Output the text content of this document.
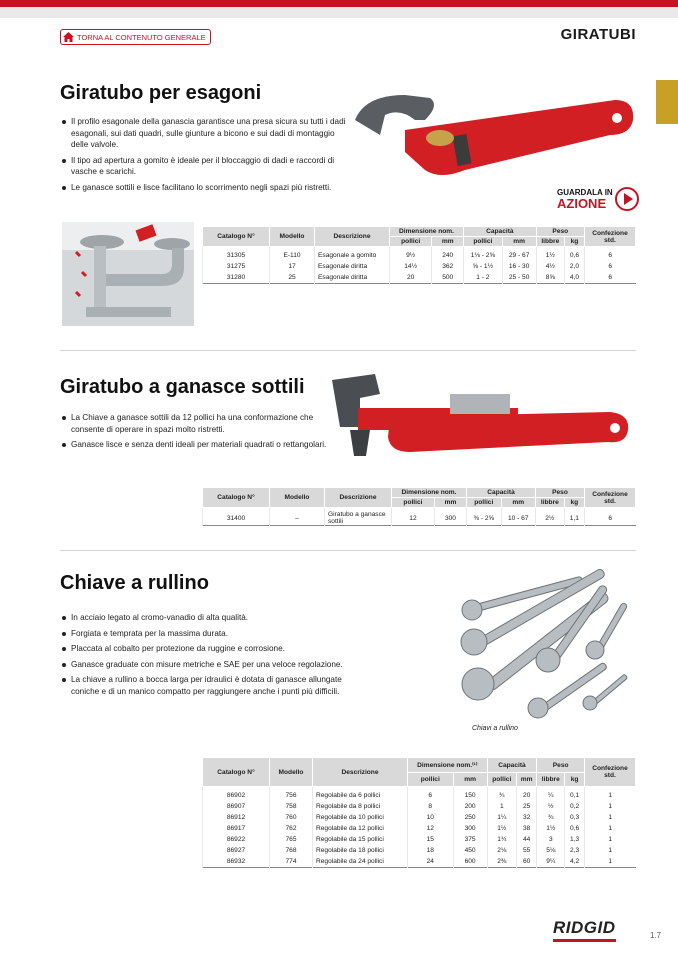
TORNA AL CONTENUTO GENERALE	GIRATUBI
Giratubo per esagoni
Il profilo esagonale della ganascia garantisce una presa sicura su tutti i dadi esagonali, sui dati quadri, sulle giunture a bicono e sui dadi di montaggio delle valvole.
Il tipo ad apertura a gomito è ideale per il bloccaggio di dadi e raccordi di vasche e scarichi.
Le ganasce sottili e lisce facilitano lo scorrimento negli spazi più ristretti.
GUARDALA IN
AZIONE
Catalogo N°	Modello	Descrizione	Dimensione nom.		Capacità		Peso		Confezione std.
			pollici	mm	pollici	mm	libbre	kg	
31305	E-110	Esagonale a gomito	9½	240	1⅛ - 2⅝	29 - 67	1½	0,6	6
31275	17	Esagonale diritta	14½	362	⅝ - 1½	16 - 30	4½	2,0	6
31280	25	Esagonale diritta	20	500	1 - 2	25 - 50	8⅝	4,0	6
Giratubo a ganasce sottili
La Chiave a ganasce sottili da 12 pollici ha una conformazione che consente di operare in spazi molto ristretti.
Ganasce lisce e senza denti ideali per materiali quadrati o rettangolari.
Catalogo N°	Modello	Descrizione	Dimensione nom.		Capacità		Peso		Confezione std.
			pollici	mm	pollici	mm	libbre	kg	
31400	–	Giratubo a ganasce sottili	12	300	⅜ - 2⅝	10 - 67	2½	1,1	6
Chiave a rullino
In acciaio legato al cromo-vanadio di alta qualità.
Forgiata e temprata per la massima durata.
Placcata al cobalto per protezione da ruggine e corrosione.
Ganasce graduate con misure metriche e SAE per una veloce regolazione.
La chiave a rullino a bocca larga per idraulici è dotata di ganasce allungate coniche e di un manico compatto per raggiungere anche i punti più difficili.
Chiavi a rullino
Catalogo N°	Modello	Descrizione	Dimensione nom.⁽¹⁾		Capacità		Peso		Confezione std.
			pollici	mm	pollici	mm	libbre	kg	
86902	756	Regolabile da 6 pollici	6	150	¾	20	¼	0,1	1
86907	758	Regolabile da 8 pollici	8	200	1	25	½	0,2	1
86912	760	Regolabile da 10 pollici	10	250	1¼	32	¾	0,3	1
86917	762	Regolabile da 12 pollici	12	300	1½	38	1½	0,6	1
86922	765	Regolabile da 15 pollici	15	375	1¾	44	3	1,3	1
86927	768	Regolabile da 18 pollici	18	450	2⅛	55	5⅛	2,3	1
86932	774	Regolabile da 24 pollici	24	600	2⅜	60	9¼	4,2	1
RIDGID	1.7
